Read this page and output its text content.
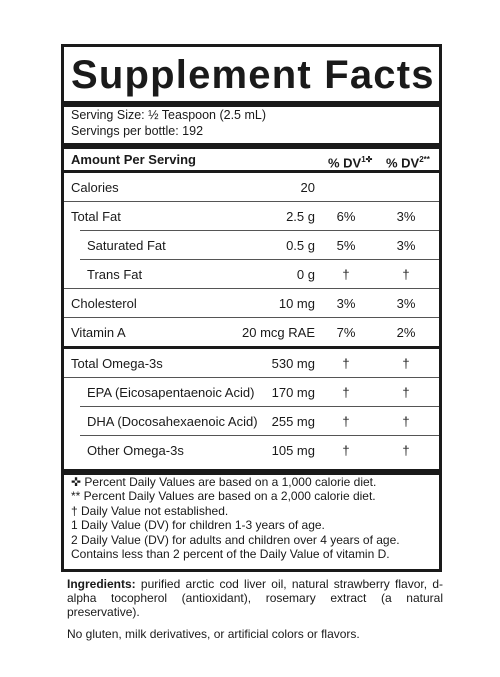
Supplement Facts
Serving Size: ½ Teaspoon (2.5 mL)
Servings per bottle: 192
Amount Per Serving	% $DV^{1✜}$ % $DV^{2**}$
Calories	20
Total Fat	2.5 g	6%	3%
Saturated Fat	0.5 g	5%	3%
Trans Fat	0 g	†	†
Cholesterol	10 mg	3%	3%
Vitamin A	20 mcg RAE	7%	2%
Total Omega-3s	530 mg	†	†
EPA (Eicosapentaenoic Acid) 170 mg	†	†
DHA (Docosahexaenoic Acid) 255 mg	†	†
Other Omega-3s	105 mg	†	†
✜ Percent Daily Values are based on a 1,000 calorie diet.
** Percent Daily Values are based on a 2,000 calorie diet.
† Daily Value not established.
1 Daily Value (DV) for children 1-3 years of age.
2 Daily Value (DV) for adults and children over 4 years of age.
Contains less than 2 percent of the Daily Value of vitamin D.
Ingredients: purified arctic cod liver oil, natural strawberry flavor, d-alpha tocopherol (antioxidant), rosemary extract (a natural preservative).
No gluten, milk derivatives, or artificial colors or flavors.
